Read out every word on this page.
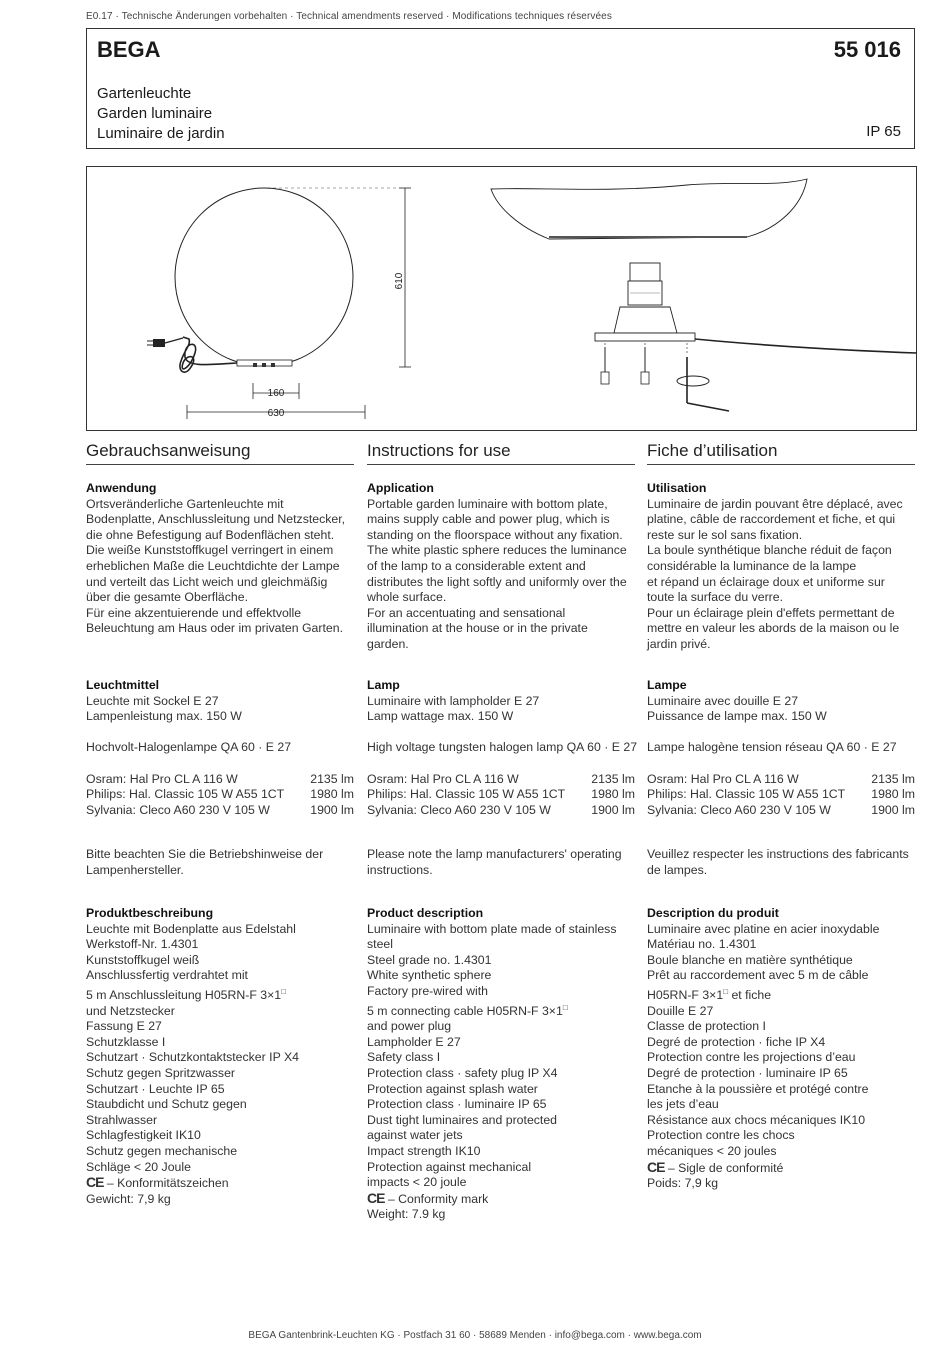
E0.17 · Technische Änderungen vorbehalten · Technical amendments reserved · Modifications techniques réservées
BEGA	55 016
Gartenleuchte
Garden luminaire
Luminaire de jardin	IP 65
610
160
630
Gebrauchsanweisung
Anwendung
Ortsveränderliche Gartenleuchte mit
Bodenplatte, Anschlussleitung und Netzstecker,
die ohne Befestigung auf Bodenflächen steht.
Die weiße Kunststoffkugel verringert in einem
erheblichen Maße die Leuchtdichte der Lampe
und verteilt das Licht weich und gleichmäßig
über die gesamte Oberfläche.
Für eine akzentuierende und effektvolle
Beleuchtung am Haus oder im privaten Garten.
Leuchtmittel
Leuchte mit Sockel E 27
Lampenleistung max. 150 W
Hochvolt-Halogenlampe QA 60 · E 27
Osram: Hal Pro CL A 116 W	2135 lm
Philips: Hal. Classic 105 W A55 1CT 1980 lm
Sylvania: Cleco A60 230 V 105 W	1900 lm
Bitte beachten Sie die Betriebshinweise der
Lampenhersteller.
Produktbeschreibung
Leuchte mit Bodenplatte aus Edelstahl
Werkstoff-Nr. 1.4301
Kunststoffkugel weiß
Anschlussfertig verdrahtet mit
5 m Anschlussleitung H05RN-F 3×1□
und Netzstecker
Fassung E 27
Schutzklasse I
Schutzart · Schutzkontaktstecker IP X4
Schutz gegen Spritzwasser
Schutzart · Leuchte IP 65
Staubdicht und Schutz gegen
Strahlwasser
Schlagfestigkeit IK10
Schutz gegen mechanische
Schläge < 20 Joule
CE – Konformitätszeichen
Gewicht: 7,9 kg
Instructions for use
Application
Portable garden luminaire with bottom plate,
mains supply cable and power plug, which is
standing on the floorspace without any fixation.
The white plastic sphere reduces the luminance
of the lamp to a considerable extent and
distributes the light softly and uniformly over the
whole surface.
For an accentuating and sensational
illumination at the house or in the private
garden.
Lamp
Luminaire with lampholder E 27
Lamp wattage max. 150 W
High voltage tungsten halogen lamp QA 60 · E 27
Osram: Hal Pro CL A 116 W	2135 lm
Philips: Hal. Classic 105 W A55 1CT 1980 lm
Sylvania: Cleco A60 230 V 105 W	1900 lm
Please note the lamp manufacturers' operating
instructions.
Product description
Luminaire with bottom plate made of stainless
steel
Steel grade no. 1.4301
White synthetic sphere
Factory pre-wired with
5 m connecting cable H05RN-F 3×1□
and power plug
Lampholder E 27
Safety class I
Protection class · safety plug IP X4
Protection against splash water
Protection class · luminaire IP 65
Dust tight luminaires and protected
against water jets
Impact strength IK10
Protection against mechanical
impacts < 20 joule
CE – Conformity mark
Weight: 7.9 kg
Fiche d’utilisation
Utilisation
Luminaire de jardin pouvant être déplacé, avec
platine, câble de raccordement et fiche, et qui
reste sur le sol sans fixation.
La boule synthétique blanche réduit de façon
considérable la luminance de la lampe
et répand un éclairage doux et uniforme sur
toute la surface du verre.
Pour un éclairage plein d'effets permettant de
mettre en valeur les abords de la maison ou le
jardin privé.
Lampe
Luminaire avec douille E 27
Puissance de lampe max. 150 W
Lampe halogène tension réseau QA 60 · E 27
Osram: Hal Pro CL A 116 W	2135 lm
Philips: Hal. Classic 105 W A55 1CT 1980 lm
Sylvania: Cleco A60 230 V 105 W	1900 lm
Veuillez respecter les instructions des fabricants
de lampes.
Description du produit
Luminaire avec platine en acier inoxydable
Matériau no. 1.4301
Boule blanche en matière synthétique
Prêt au raccordement avec 5 m de câble
H05RN-F 3×1□ et fiche
Douille E 27
Classe de protection I
Degré de protection · fiche IP X4
Protection contre les projections d’eau
Degré de protection · luminaire IP 65
Etanche à la poussière et protégé contre
les jets d’eau
Résistance aux chocs mécaniques IK10
Protection contre les chocs
mécaniques < 20 joules
CE – Sigle de conformité
Poids: 7,9 kg
BEGA Gantenbrink-Leuchten KG · Postfach 31 60 · 58689 Menden · info@bega.com · www.bega.com
